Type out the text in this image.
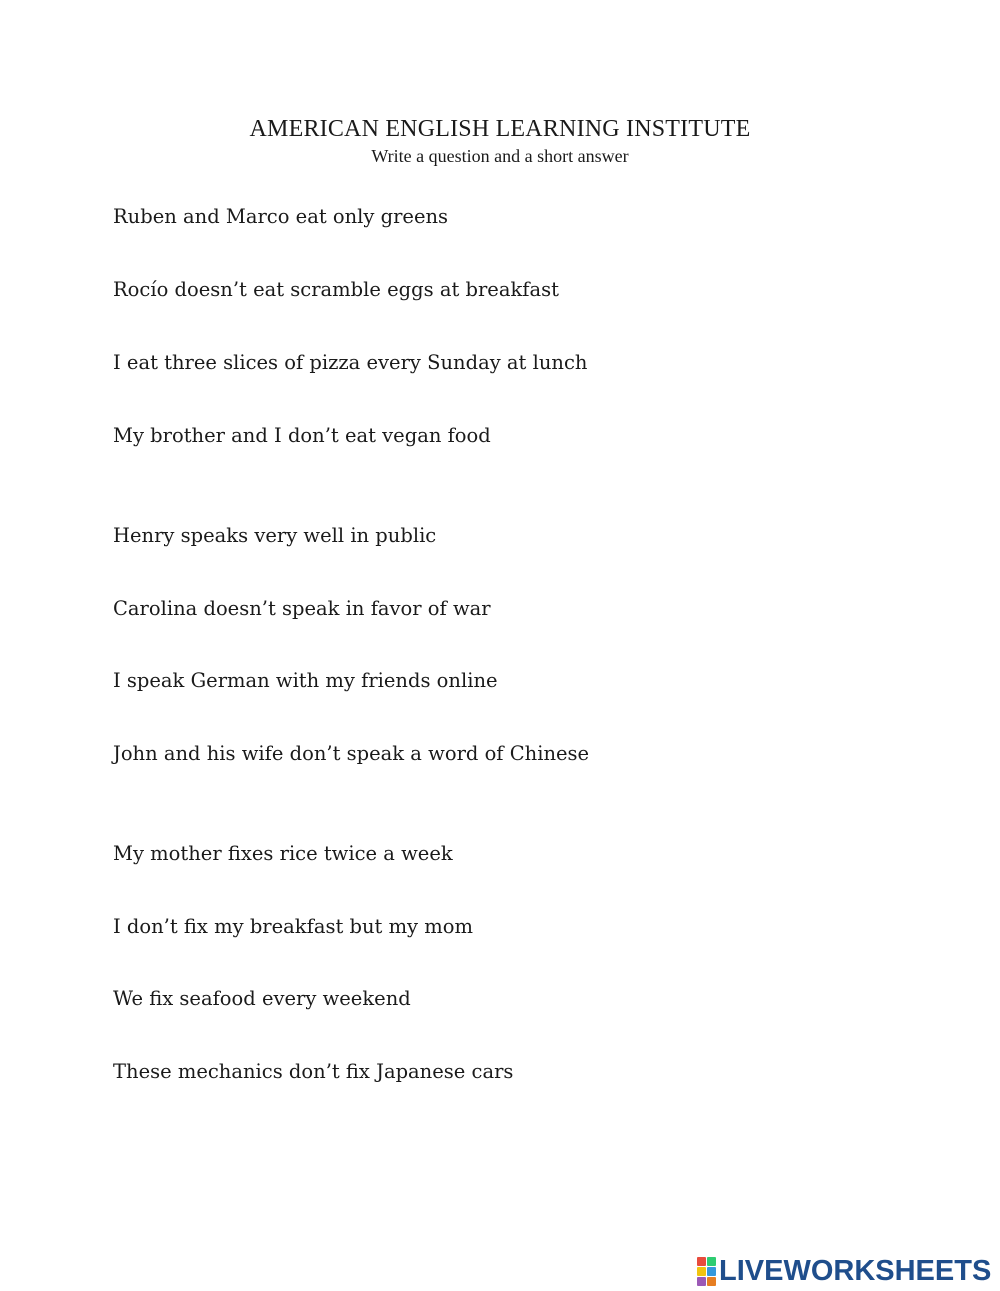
AMERICAN ENGLISH LEARNING INSTITUTE
Write a question and a short answer
Ruben and Marco eat only greens
Rocío doesn’t eat scramble eggs at breakfast
I eat three slices of pizza every Sunday at lunch
My brother and I don’t eat vegan food
Henry speaks very well in public
Carolina doesn’t speak in favor of war
I speak German with my friends online
John and his wife don’t speak a word of Chinese
My mother fixes rice twice a week
I don’t fix my breakfast but my mom
We fix seafood every weekend
These mechanics don’t fix Japanese cars
LIVEWORKSHEETS
